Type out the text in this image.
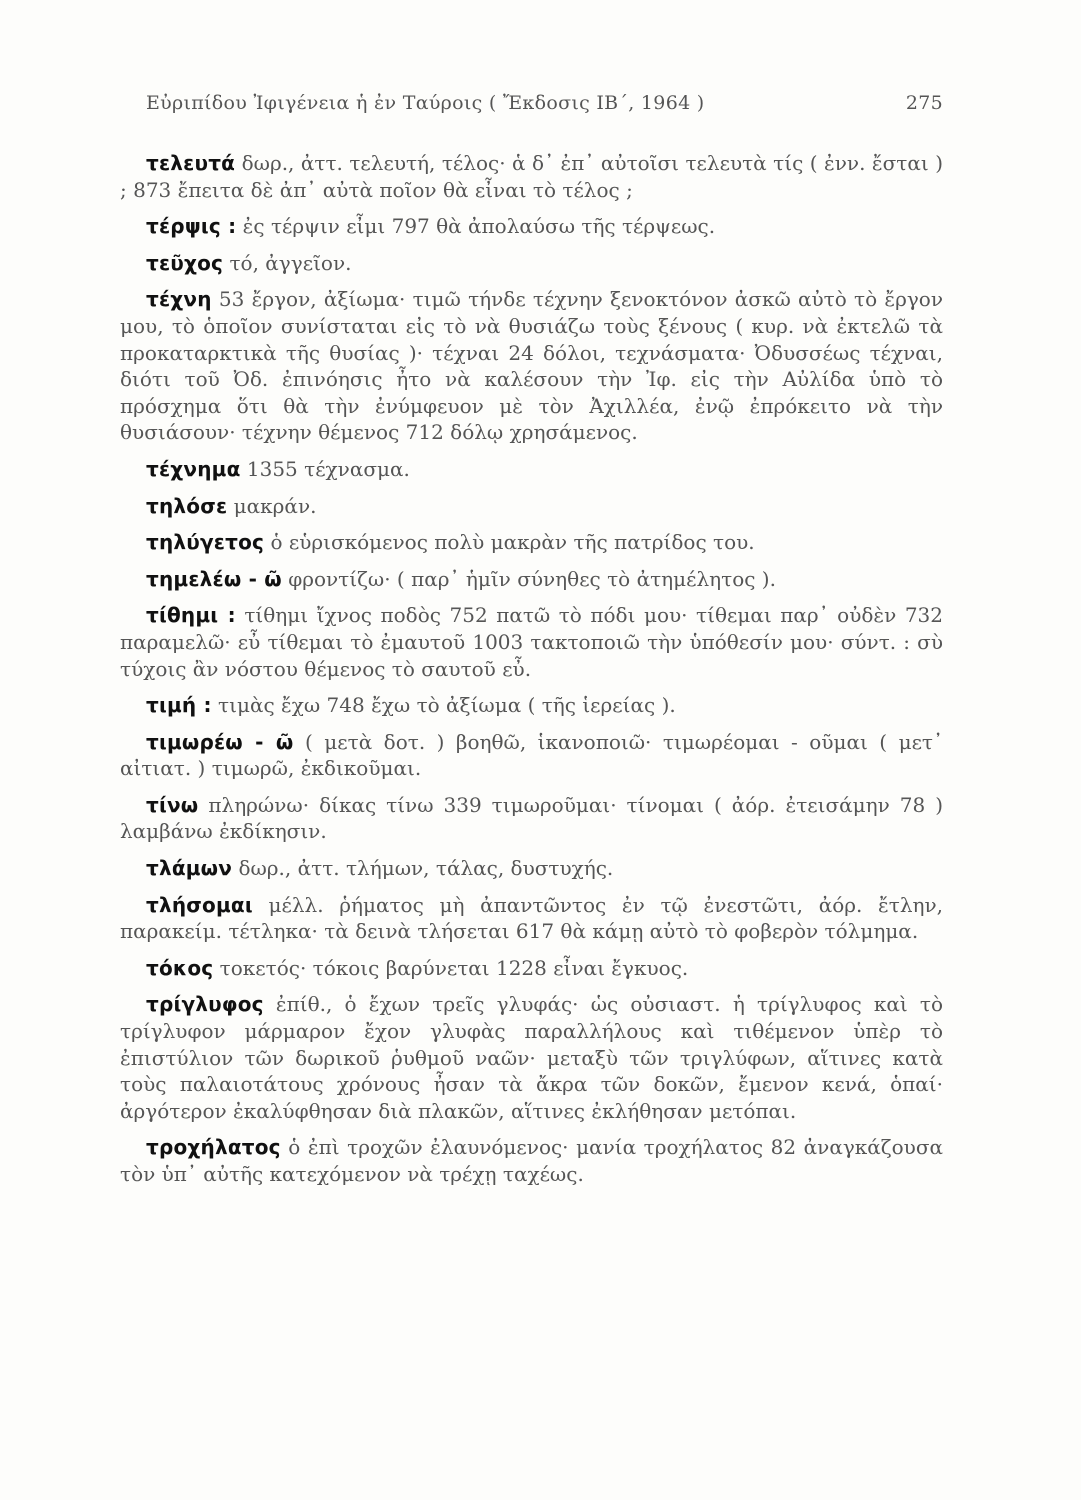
Εὐριπίδου Ἰφιγένεια ἡ ἐν Ταύροις ( Ἔκδοσις ΙΒ΄, 1964 )	275

τελευτά δωρ., ἀττ. τελευτή, τέλος· ἁ δ᾽ ἐπ᾽ αὐτοῖσι τελευτὰ τίς ( ἐνν. ἔσται ) ; 873 ἔπειτα δὲ ἀπ᾽ αὐτὰ ποῖον θὰ εἶναι τὸ τέλος ;

τέρψις : ἐς τέρψιν εἶμι 797 θὰ ἀπολαύσω τῆς τέρψεως.

τεῦχος τό, ἀγγεῖον.

τέχνη 53 ἔργον, ἀξίωμα· τιμῶ τήνδε τέχνην ξενοκτόνον ἀσκῶ αὐτὸ τὸ ἔργον μου, τὸ ὁποῖον συνίσταται εἰς τὸ νὰ θυσιάζω τοὺς ξένους ( κυρ. νὰ ἐκτελῶ τὰ προκαταρκτικὰ τῆς θυσίας )· τέχναι 24 δόλοι, τεχνάσματα· Ὀδυσσέως τέχναι, διότι τοῦ Ὀδ. ἐπινόησις ἦτο νὰ καλέσουν τὴν Ἰφ. εἰς τὴν Αὐλίδα ὑπὸ τὸ πρόσχημα ὅτι θὰ τὴν ἐνύμφευον μὲ τὸν Ἀχιλλέα, ἐνῷ ἐπρόκειτο νὰ τὴν θυσιάσουν· τέχνην θέμενος 712 δόλῳ χρησάμενος.

τέχνημα 1355 τέχνασμα.

τηλόσε μακράν.

τηλύγετος ὁ εὑρισκόμενος πολὺ μακρὰν τῆς πατρίδος του.

τημελέω - ῶ φροντίζω· ( παρ᾽ ἡμῖν σύνηθες τὸ ἀτημέλητος ).

τίθημι : τίθημι ἴχνος ποδὸς 752 πατῶ τὸ πόδι μου· τίθεμαι παρ᾽ οὐδὲν 732 παραμελῶ· εὖ τίθεμαι τὸ ἐμαυτοῦ 1003 τακτοποιῶ τὴν ὑπόθεσίν μου· σύντ. : σὺ τύχοις ἂν νόστου θέμενος τὸ σαυτοῦ εὖ.

τιμή : τιμὰς ἔχω 748 ἔχω τὸ ἀξίωμα ( τῆς ἱερείας ).

τιμωρέω - ῶ ( μετὰ δοτ. ) βοηθῶ, ἱκανοποιῶ· τιμωρέομαι - οῦμαι ( μετ᾽ αἰτιατ. ) τιμωρῶ, ἐκδικοῦμαι.

τίνω πληρώνω· δίκας τίνω 339 τιμωροῦμαι· τίνομαι ( ἀόρ. ἐτεισάμην 78 ) λαμβάνω ἐκδίκησιν.

τλάμων δωρ., ἀττ. τλήμων, τάλας, δυστυχής.

τλήσομαι μέλλ. ῥήματος μὴ ἀπαντῶντος ἐν τῷ ἐνεστῶτι, ἀόρ. ἔτλην, παρακείμ. τέτληκα· τὰ δεινὰ τλήσεται 617 θὰ κάμῃ αὐτὸ τὸ φοβερὸν τόλμημα.

τόκος τοκετός· τόκοις βαρύνεται 1228 εἶναι ἔγκυος.

τρίγλυφος ἐπίθ., ὁ ἔχων τρεῖς γλυφάς· ὡς οὐσιαστ. ἡ τρίγλυφος καὶ τὸ τρίγλυφον μάρμαρον ἔχον γλυφὰς παραλλήλους καὶ τιθέμενον ὑπὲρ τὸ ἐπιστύλιον τῶν δωρικοῦ ῥυθμοῦ ναῶν· μεταξὺ τῶν τριγλύφων, αἵτινες κατὰ τοὺς παλαιοτάτους χρόνους ἦσαν τὰ ἄκρα τῶν δοκῶν, ἔμενον κενά, ὁπαί· ἀργότερον ἐκαλύφθησαν διὰ πλακῶν, αἵτινες ἐκλήθησαν μετόπαι.

τροχήλατος ὁ ἐπὶ τροχῶν ἐλαυνόμενος· μανία τροχήλατος 82 ἀναγκάζουσα τὸν ὑπ᾽ αὐτῆς κατεχόμενον νὰ τρέχῃ ταχέως.
